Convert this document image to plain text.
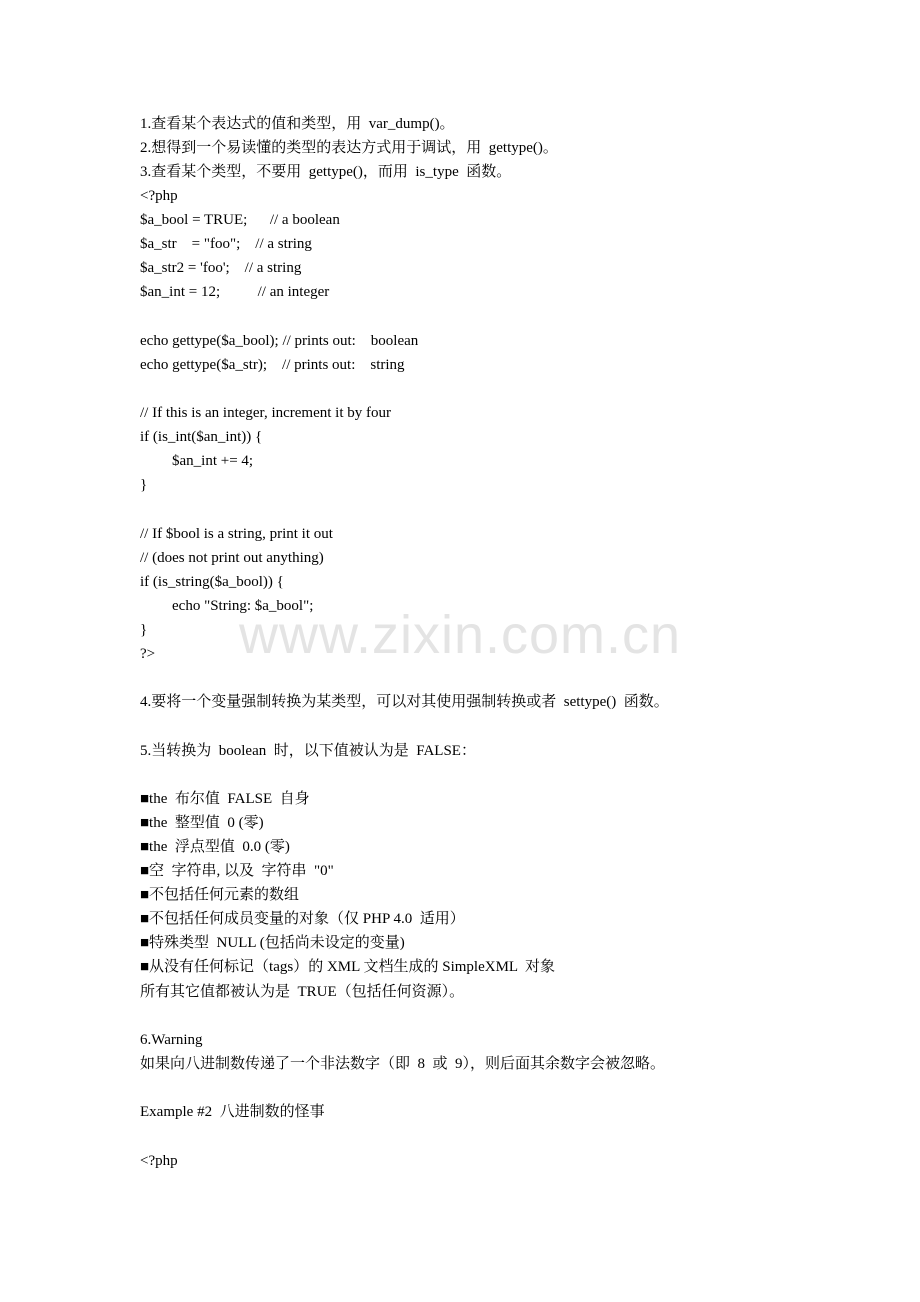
1.查看某个表达式的值和类型，用  var_dump()。
2.想得到一个易读懂的类型的表达方式用于调试，用  gettype()。
3.查看某个类型，不要用  gettype()，而用  is_type  函数。
<?php
$a_bool = TRUE;      // a boolean
$a_str    = "foo";    // a string
$a_str2 = 'foo';    // a string
$an_int = 12;          // an integer
echo gettype($a_bool); // prints out:    boolean
echo gettype($a_str);    // prints out:    string
// If this is an integer, increment it by four
if (is_int($an_int)) {
$an_int += 4;
}
// If $bool is a string, print it out
// (does not print out anything)
if (is_string($a_bool)) {
echo "String: $a_bool";
}
?>
4.要将一个变量强制转换为某类型，可以对其使用强制转换或者  settype()  函数。
5.当转换为  boolean  时，以下值被认为是  FALSE：
■the  布尔值  FALSE  自身
■the  整型值  0 (零)
■the  浮点型值  0.0 (零)
■空  字符串, 以及  字符串  "0"
■不包括任何元素的数组
■不包括任何成员变量的对象（仅 PHP 4.0  适用）
■特殊类型  NULL (包括尚未设定的变量)
■从没有任何标记（tags）的 XML 文档生成的 SimpleXML  对象
所有其它值都被认为是  TRUE（包括任何资源）。
6.Warning
如果向八进制数传递了一个非法数字（即  8  或  9），则后面其余数字会被忽略。
Example #2  八进制数的怪事
<?php
www.zixin.com.cn
